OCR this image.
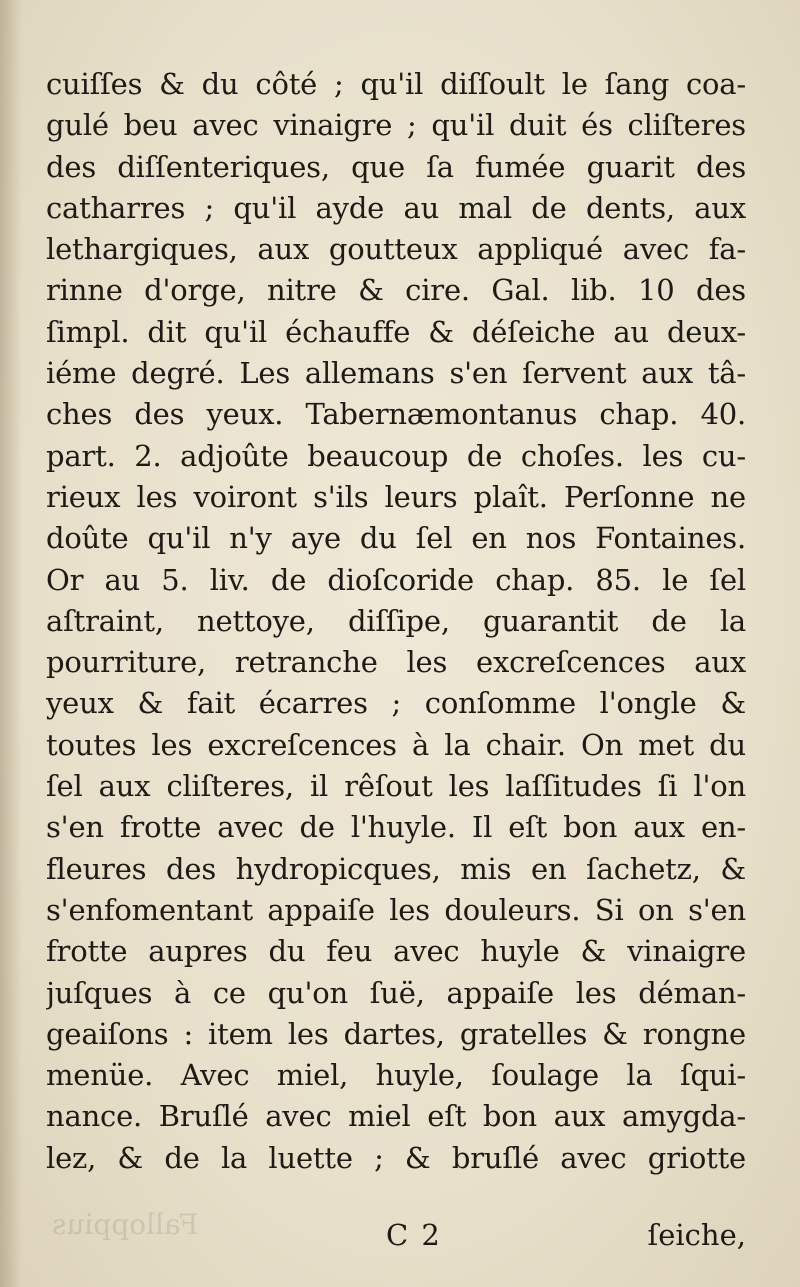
cuiſſes & du côté ; qu'il diſſoult le ſang coa-
gulé beu avec vinaigre ; qu'il duit és cliſteres
des diſſenteriques, que ſa fumée guarit des
catharres ; qu'il ayde au mal de dents, aux
lethargiques, aux goutteux appliqué avec fa-
rinne d'orge, nitre & cire. Gal. lib. 10 des
ſimpl. dit qu'il échauffe & déſeiche au deux-
iéme degré. Les allemans s'en ſervent aux tâ-
ches des yeux. Tabernæmontanus chap. 40.
part. 2. adjoûte beaucoup de choſes. les cu-
rieux les voiront s'ils leurs plaît. Perſonne ne
doûte qu'il n'y aye du ſel en nos Fontaines.
Or au 5. liv. de dioſcoride chap. 85. le ſel
aſtraint, nettoye, diſſipe, guarantit de la
pourriture, retranche les excreſcences aux
yeux & fait écarres ; conſomme l'ongle &
toutes les excreſcences à la chair. On met du
ſel aux cliſteres, il rêſout les laſſitudes ſi l'on
s'en frotte avec de l'huyle. Il eſt bon aux en-
fleures des hydropicques, mis en ſachetz, &
s'enfomentant appaiſe les douleurs. Si on s'en
frotte aupres du feu avec huyle & vinaigre
juſques à ce qu'on ſuë, appaiſe les déman-
geaiſons : item les dartes, gratelles & rongne
menüe. Avec miel, huyle, ſoulage la ſqui-
nance. Bruſlé avec miel eſt bon aux amygda-
lez, & de la luette ; & bruſlé avec griotte
Falloppius	C 2	ſeiche,
